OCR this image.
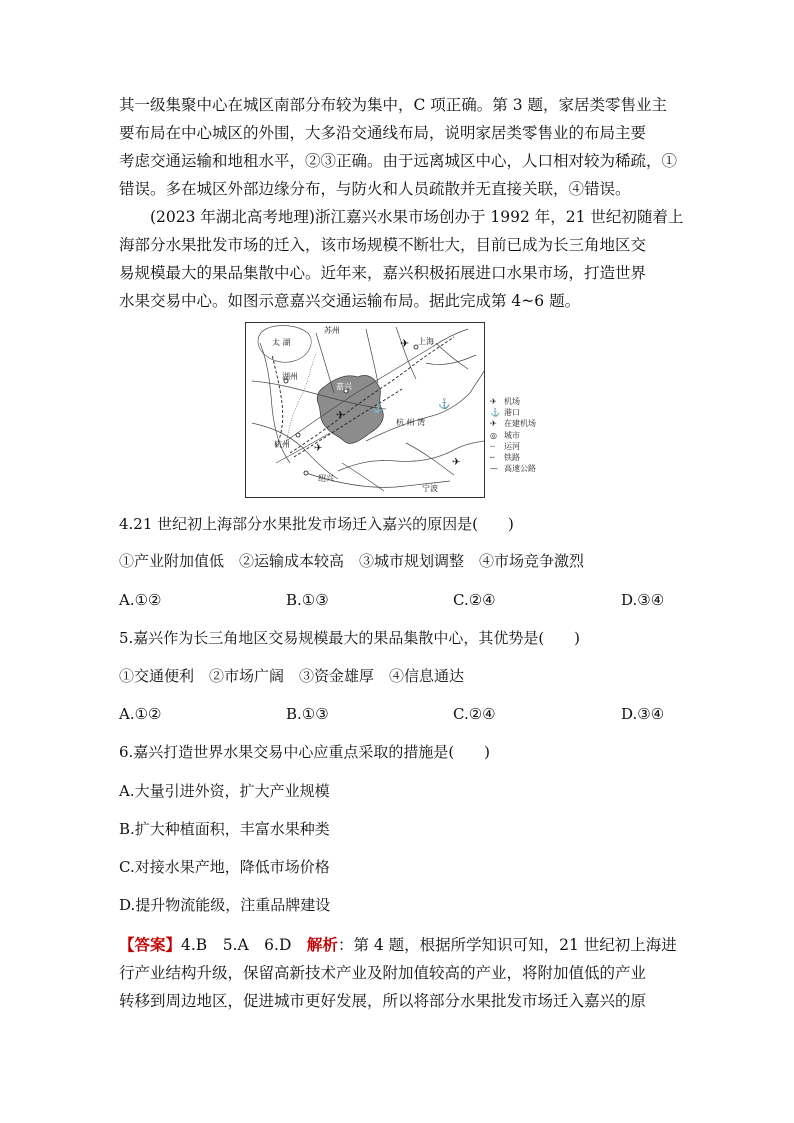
其一级集聚中心在城区南部分布较为集中，C 项正确。第 3 题，家居类零售业主
要布局在中心城区的外围，大多沿交通线布局，说明家居类零售业的布局主要
考虑交通运输和地租水平，②③正确。由于远离城区中心，人口相对较为稀疏，①
错误。多在城区外部边缘分布，与防火和人员疏散并无直接关联，④错误。
(2023 年湖北高考地理)浙江嘉兴水果市场创办于 1992 年，21 世纪初随着上
海部分水果批发市场的迁入，该市场规模不断壮大，目前已成为长三角地区交
易规模最大的果品集散中心。近年来，嘉兴积极拓展进口水果市场，打造世界
水果交易中心。如图示意嘉兴交通运输布局。据此完成第 4~6 题。
✈
✈
✈
✈
⚓	⚓
太 湖
苏州
上海
湖州
嘉兴
杭 州 湾
杭州
绍兴
宁波
✈ 机场
⚓ 港口
✈ 在建机场
◎ 城市
┈ 运河
╌ 铁路
— 高速公路
4.21 世纪初上海部分水果批发市场迁入嘉兴的原因是(　　)
①产业附加值低　②运输成本较高　③城市规划调整　④市场竞争激烈
A.①②	B.①③	C.②④	D.③④
5.嘉兴作为长三角地区交易规模最大的果品集散中心，其优势是(　　)
①交通便利　②市场广阔　③资金雄厚　④信息通达
A.①②	B.①③	C.②④	D.③④
6.嘉兴打造世界水果交易中心应重点采取的措施是(　　)
A.大量引进外资，扩大产业规模
B.扩大种植面积，丰富水果种类
C.对接水果产地，降低市场价格
D.提升物流能级，注重品牌建设
【答案】4.B　5.A　6.D　 解析：第 4 题，根据所学知识可知，21 世纪初上海进
行产业结构升级，保留高新技术产业及附加值较高的产业，将附加值低的产业
转移到周边地区，促进城市更好发展，所以将部分水果批发市场迁入嘉兴的原
